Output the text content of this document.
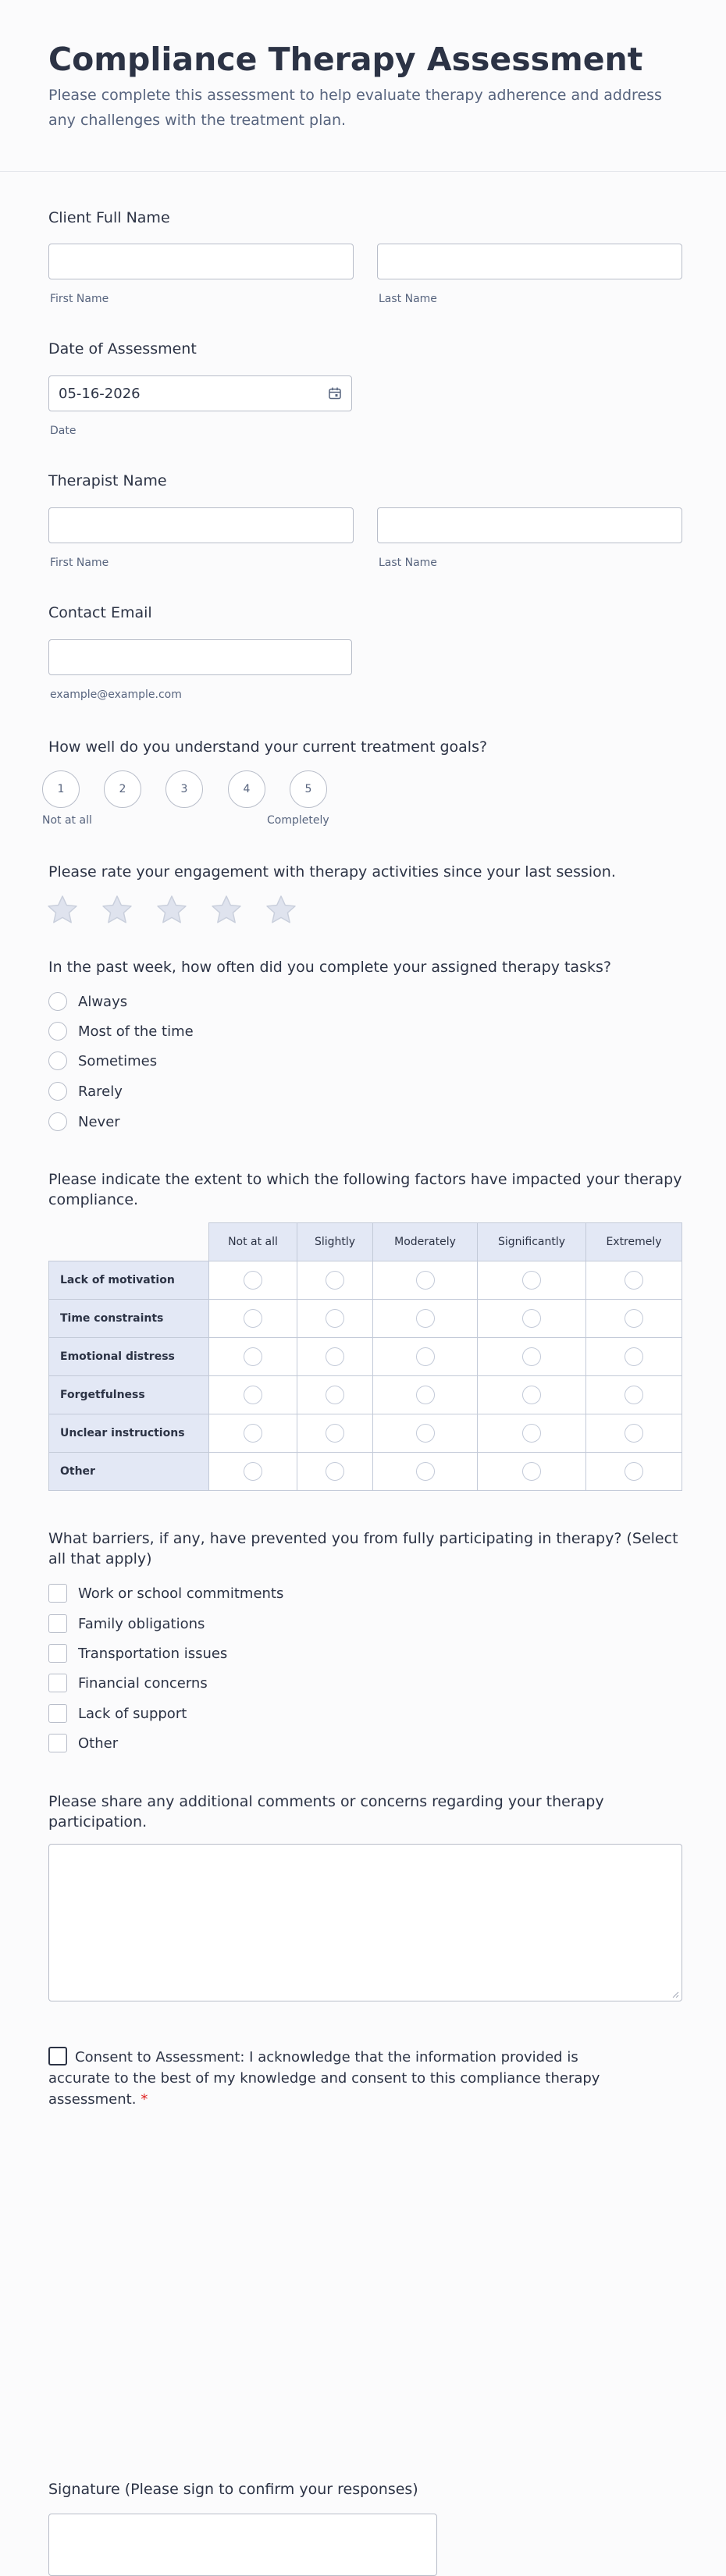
Compliance Therapy Assessment

Please complete this assessment to help evaluate therapy adherence and address any challenges with the treatment plan.

Client Full Name
First Name	Last Name
Date of Assessment
05-16-2026
Date
Therapist Name
First Name	Last Name
Contact Email
example@example.com
How well do you understand your current treatment goals?
1	2	3	4	5
Not at all	Completely
Please rate your engagement with therapy activities since your last session.
In the past week, how often did you complete your assigned therapy tasks?
Always
Most of the time
Sometimes
Rarely
Never
Please indicate the extent to which the following factors have impacted your therapy compliance.
	Not at all	Slightly	Moderately	Significantly	Extremely
Lack of motivation					
Time constraints					
Emotional distress					
Forgetfulness					
Unclear instructions					
Other					
What barriers, if any, have prevented you from fully participating in therapy? (Select all that apply)
Work or school commitments
Family obligations
Transportation issues
Financial concerns
Lack of support
Other
Please share any additional comments or concerns regarding your therapy participation.
Consent to Assessment: I acknowledge that the information provided is accurate to the best of my knowledge and consent to this compliance therapy assessment. *
Signature (Please sign to confirm your responses)
